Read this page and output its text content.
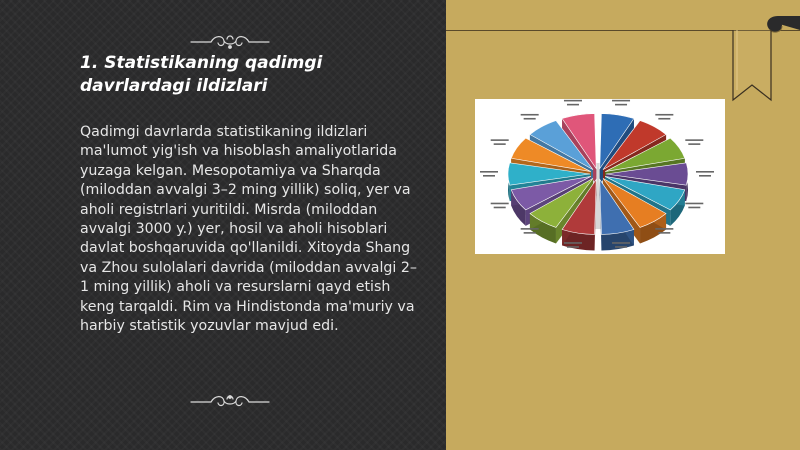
1. Statistikaning qadimgi davrlardagi ildizlari
Qadimgi davrlarda statistikaning ildizlari ma'lumot yig'ish va hisoblash amaliyotlarida yuzaga kelgan. Mesopotamiya va Sharqda (miloddan avvalgi 3–2 ming yillik) soliq, yer va aholi registrlari yuritildi. Misrda (miloddan avvalgi 3000 y.) yer, hosil va aholi hisoblari davlat boshqaruvida qo'llanildi. Xitoyda Shang va Zhou sulolalari davrida (miloddan avvalgi 2–1 ming yillik) aholi va resurslarni qayd etish keng tarqaldi. Rim va Hindistonda ma'muriy va harbiy statistik yozuvlar mavjud edi.
